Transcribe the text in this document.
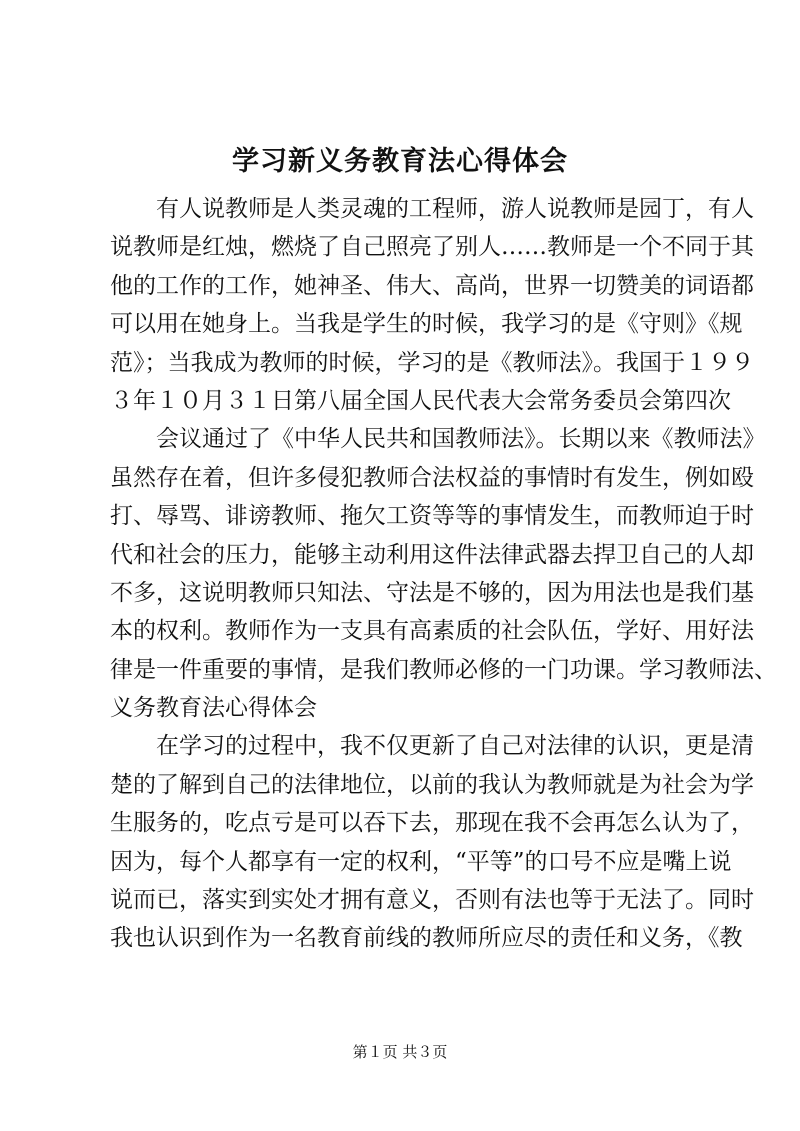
学习新义务教育法心得体会
　　有人说教师是人类灵魂的工程师，游人说教师是园丁，有人
说教师是红烛，燃烧了自己照亮了别人……教师是一个不同于其
他的工作的工作，她神圣、伟大、高尚，世界一切赞美的词语都
可以用在她身上。当我是学生的时候，我学习的是《守则》《规
范》；当我成为教师的时候，学习的是《教师法》。我国于１９９
３年１０月３１日第八届全国人民代表大会常务委员会第四次
　　会议通过了《中华人民共和国教师法》。长期以来《教师法》
虽然存在着，但许多侵犯教师合法权益的事情时有发生，例如殴
打、辱骂、诽谤教师、拖欠工资等等的事情发生，而教师迫于时
代和社会的压力，能够主动利用这件法律武器去捍卫自己的人却
不多，这说明教师只知法、守法是不够的，因为用法也是我们基
本的权利。教师作为一支具有高素质的社会队伍，学好、用好法
律是一件重要的事情，是我们教师必修的一门功课。学习教师法、
义务教育法心得体会
　　在学习的过程中，我不仅更新了自己对法律的认识，更是清
楚的了解到自己的法律地位，以前的我认为教师就是为社会为学
生服务的，吃点亏是可以吞下去，那现在我不会再怎么认为了，
因为，每个人都享有一定的权利，“平等”的口号不应是嘴上说
说而已，落实到实处才拥有意义，否则有法也等于无法了。同时
我也认识到作为一名教育前线的教师所应尽的责任和义务，《教
第１页 共３页
